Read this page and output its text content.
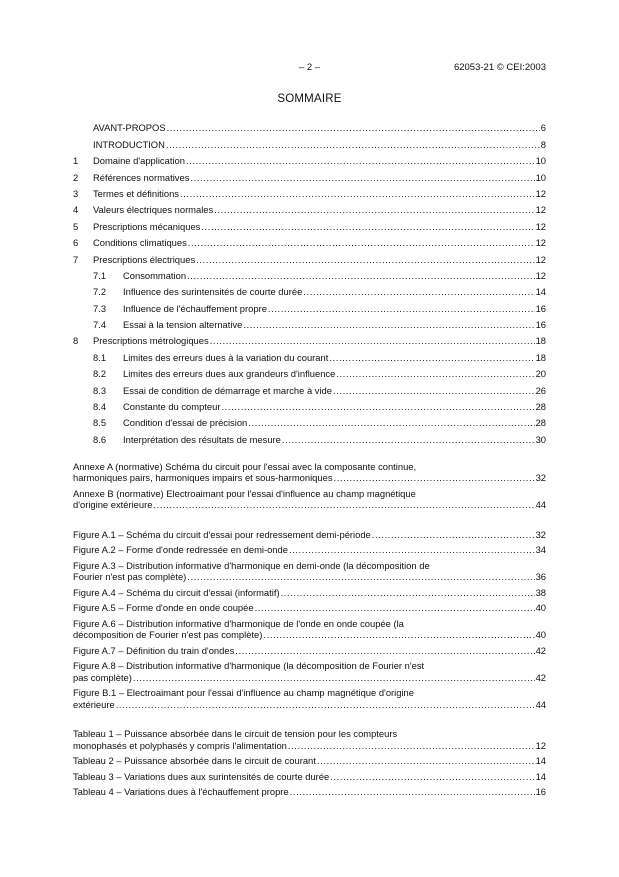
– 2 –	62053-21 © CEI:2003
SOMMAIRE
AVANT-PROPOS .....	6
INTRODUCTION .....	8
1	Domaine d'application .....	10
2	Références normatives .....	10
3	Termes et définitions .....	12
4	Valeurs électriques normales .....	12
5	Prescriptions mécaniques .....	12
6	Conditions climatiques .....	12
7	Prescriptions électriques .....	12
7.1	Consommation .....	12
7.2	Influence des surintensités de courte durée .....	14
7.3	Influence de l'échauffement propre .....	16
7.4	Essai à la tension alternative .....	16
8	Prescriptions métrologiques .....	18
8.1	Limites des erreurs dues à la variation du courant .....	18
8.2	Limites des erreurs dues aux grandeurs d'influence .....	20
8.3	Essai de condition de démarrage et marche à vide .....	26
8.4	Constante du compteur .....	28
8.5	Condition d'essai de précision .....	28
8.6	Interprétation des résultats de mesure .....	30
Annexe A (normative) Schéma du circuit pour l'essai avec la composante continue,
harmoniques pairs, harmoniques impairs et sous-harmoniques .....	32
Annexe B (normative) Electroaimant pour l'essai d'influence au champ magnétique
d'origine extérieure .....	44
Figure A.1 – Schéma du circuit d'essai pour redressement demi-période .....	32
Figure A.2 – Forme d'onde redressée en demi-onde .....	34
Figure A.3 – Distribution informative d'harmonique en demi-onde (la décomposition de
Fourier n'est pas complète) .....	36
Figure A.4 – Schéma du circuit d'essai (informatif) .....	38
Figure A.5 – Forme d'onde en onde coupée .....	40
Figure A.6 – Distribution informative d'harmonique de l'onde en onde coupée (la
décomposition de Fourier n'est pas complète) .....	40
Figure A.7 – Définition du train d'ondes .....	42
Figure A.8 – Distribution informative d'harmonique (la décomposition de Fourier n'est
pas complète) .....	42
Figure B.1 – Electroaimant pour l'essai d'influence au champ magnétique d'origine
extérieure .....	44
Tableau 1 – Puissance absorbée dans le circuit de tension pour les compteurs
monophasés et polyphasés y compris l'alimentation .....	12
Tableau 2 – Puissance absorbée dans le circuit de courant .....	14
Tableau 3 – Variations dues aux surintensités de courte durée .....	14
Tableau 4 – Variations dues à l'échauffement propre .....	16
